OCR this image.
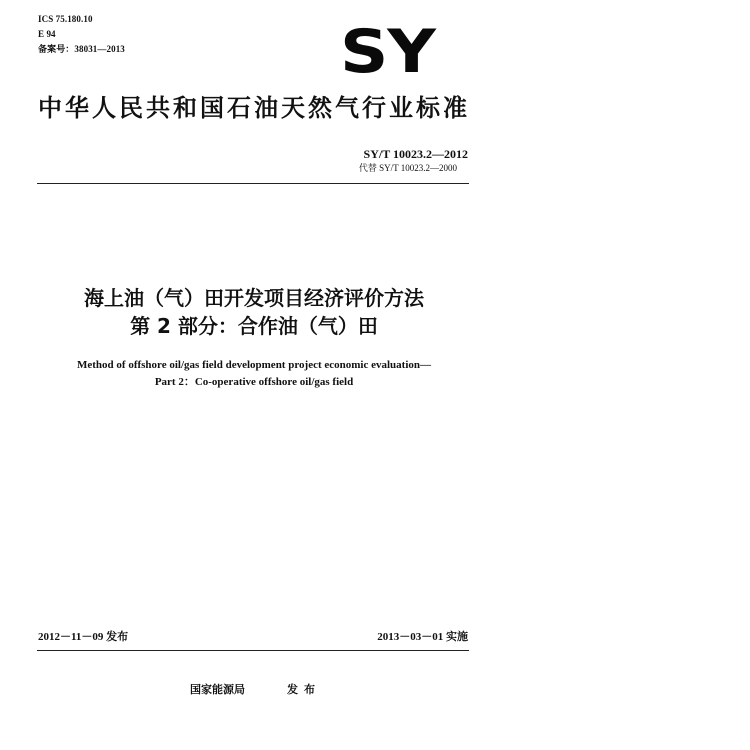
ICS 75.180.10
E 94
备案号：38031—2013	SY
中华人民共和国石油天然气行业标准
SY/T 10023.2—2012
代替 SY/T 10023.2—2000
海上油（气）田开发项目经济评价方法
第 2 部分：合作油（气）田
Method of offshore oil/gas field development project economic evaluation—
Part 2：Co-operative offshore oil/gas field
2012－11－09 发布	2013－03－01 实施
国家能源局	发布
